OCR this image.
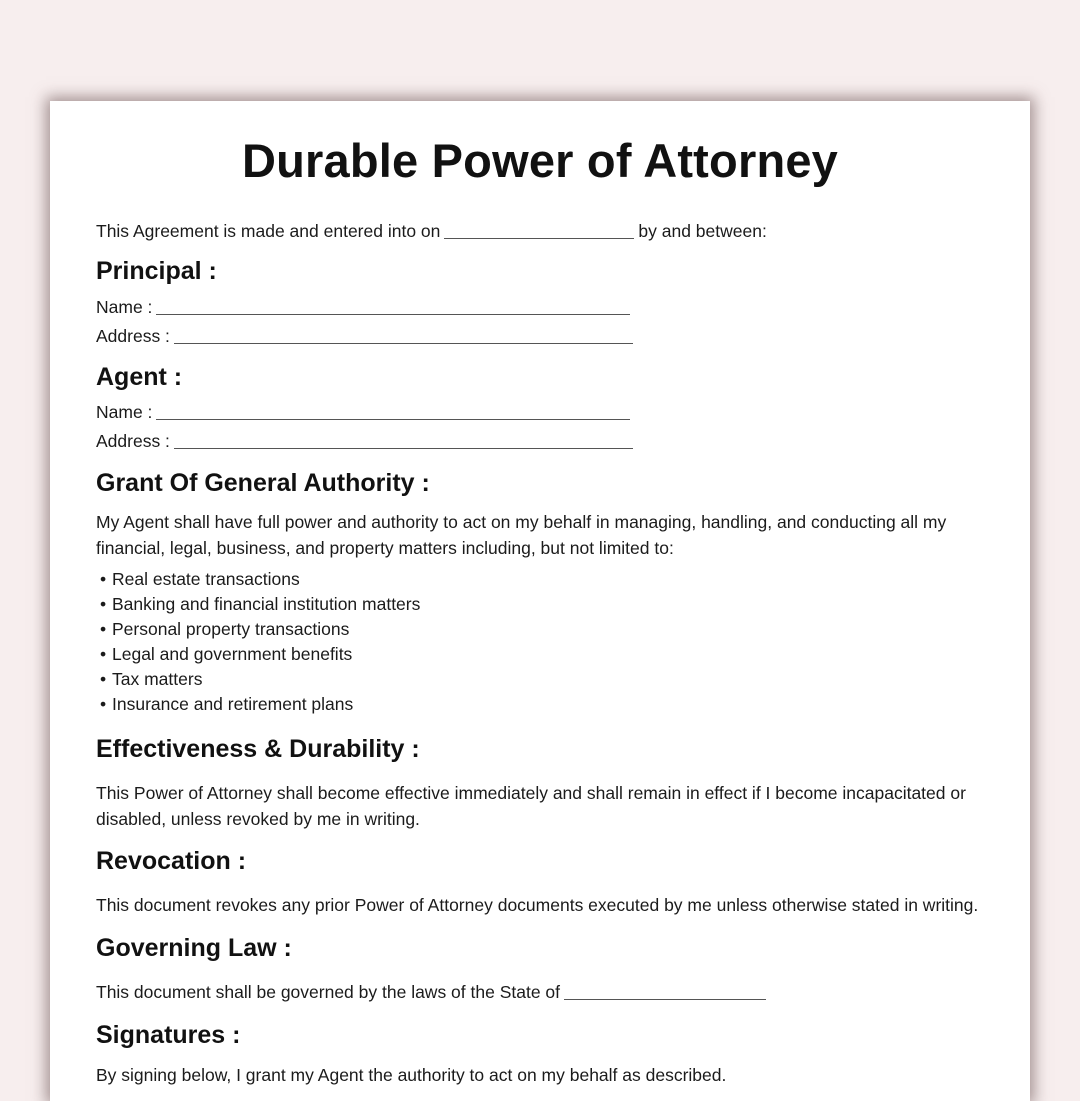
Durable Power of Attorney
This Agreement is made and entered into on	by and between:
Principal :
Name :
Address :
Agent :
Name :
Address :
Grant Of General Authority :

My Agent shall have full power and authority to act on my behalf in managing, handling, and conducting all my financial, legal, business, and property matters including, but not limited to:

• Real estate transactions
• Banking and financial institution matters
• Personal property transactions
• Legal and government benefits
• Tax matters
• Insurance and retirement plans
Effectiveness & Durability :

This Power of Attorney shall become effective immediately and shall remain in effect if I become incapacitated or disabled, unless revoked by me in writing.

Revocation :

This document revokes any prior Power of Attorney documents executed by me unless otherwise stated in writing.

Governing Law :
This document shall be governed by the laws of the State of
Signatures :

By signing below, I grant my Agent the authority to act on my behalf as described.
